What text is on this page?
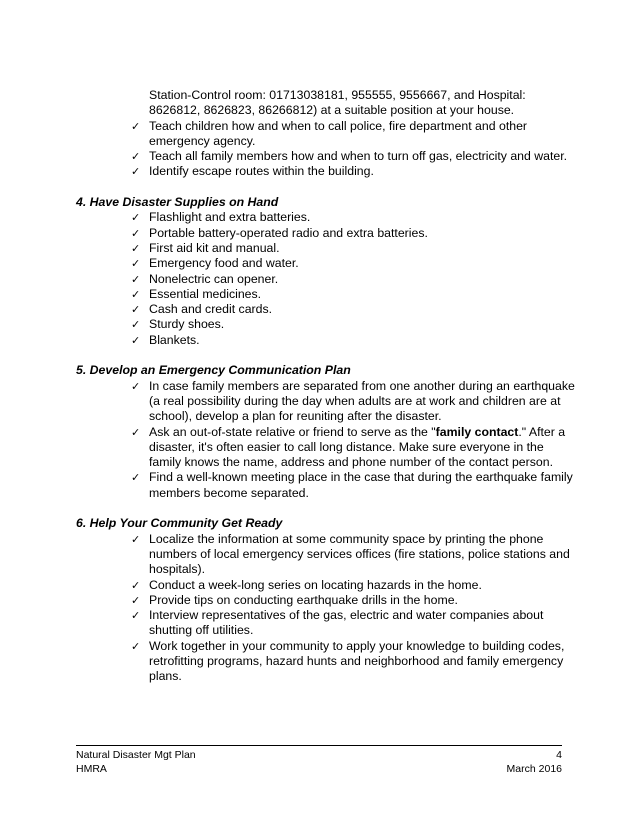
Station-Control room: 01713038181, 955555, 9556667, and Hospital: 8626812, 8626823, 86266812) at a suitable position at your house.
✓ Teach children how and when to call police, fire department and other emergency agency.
✓ Teach all family members how and when to turn off gas, electricity and water.
✓ Identify escape routes within the building.
4. Have Disaster Supplies on Hand
✓ Flashlight and extra batteries.
✓ Portable battery-operated radio and extra batteries.
✓ First aid kit and manual.
✓ Emergency food and water.
✓ Nonelectric can opener.
✓ Essential medicines.
✓ Cash and credit cards.
✓ Sturdy shoes.
✓ Blankets.
5. Develop an Emergency Communication Plan
✓ In case family members are separated from one another during an earthquake (a real possibility during the day when adults are at work and children are at school), develop a plan for reuniting after the disaster.
✓ Ask an out-of-state relative or friend to serve as the "family contact." After a disaster, it's often easier to call long distance. Make sure everyone in the family knows the name, address and phone number of the contact person.
✓ Find a well-known meeting place in the case that during the earthquake family members become separated.
6. Help Your Community Get Ready
✓ Localize the information at some community space by printing the phone numbers of local emergency services offices (fire stations, police stations and hospitals).
✓ Conduct a week-long series on locating hazards in the home.
✓ Provide tips on conducting earthquake drills in the home.
✓ Interview representatives of the gas, electric and water companies about shutting off utilities.
✓ Work together in your community to apply your knowledge to building codes, retrofitting programs, hazard hunts and neighborhood and family emergency plans.
Natural Disaster Mgt Plan	4
HMRA	March 2016
